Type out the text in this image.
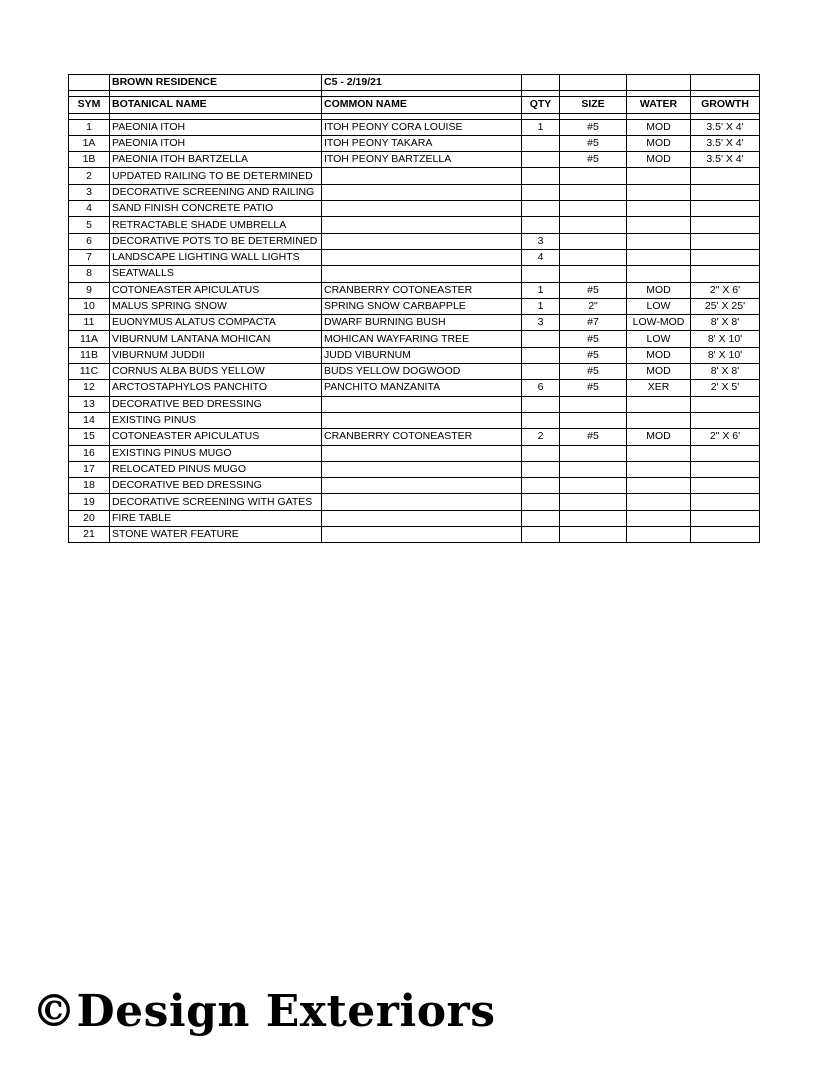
	BROWN RESIDENCE	C5 - 2/19/21				

SYM	BOTANICAL NAME	COMMON NAME	QTY	SIZE	WATER	GROWTH

1	PAEONIA ITOH	ITOH PEONY CORA LOUISE	1	#5	MOD	3.5' X 4'
1A	PAEONIA ITOH	ITOH PEONY TAKARA		#5	MOD	3.5' X 4'
1B	PAEONIA ITOH BARTZELLA	ITOH PEONY BARTZELLA		#5	MOD	3.5' X 4'
2	UPDATED RAILING TO BE DETERMINED					
3	DECORATIVE SCREENING AND RAILING					
4	SAND FINISH CONCRETE PATIO					
5	RETRACTABLE SHADE UMBRELLA					
6	DECORATIVE POTS TO BE DETERMINED		3			
7	LANDSCAPE LIGHTING WALL LIGHTS		4			
8	SEATWALLS					
9	COTONEASTER APICULATUS	CRANBERRY COTONEASTER	1	#5	MOD	2" X 6'
10	MALUS SPRING SNOW	SPRING SNOW CARBAPPLE	1	2"	LOW	25' X 25'
11	EUONYMUS ALATUS COMPACTA	DWARF BURNING BUSH	3	#7	LOW-MOD	8' X 8'
11A	VIBURNUM LANTANA MOHICAN	MOHICAN WAYFARING TREE		#5	LOW	8' X 10'
11B	VIBURNUM JUDDII	JUDD VIBURNUM		#5	MOD	8' X 10'
11C	CORNUS ALBA BUDS YELLOW	BUDS YELLOW DOGWOOD		#5	MOD	8' X 8'
12	ARCTOSTAPHYLOS PANCHITO	PANCHITO MANZANITA	6	#5	XER	2' X 5'
13	DECORATIVE BED DRESSING					
14	EXISTING PINUS					
15	COTONEASTER APICULATUS	CRANBERRY COTONEASTER	2	#5	MOD	2" X 6'
16	EXISTING PINUS MUGO					
17	RELOCATED PINUS MUGO					
18	DECORATIVE BED DRESSING					
19	DECORATIVE SCREENING WITH GATES					
20	FIRE TABLE					
21	STONE WATER FEATURE					
©Design Exteriors
